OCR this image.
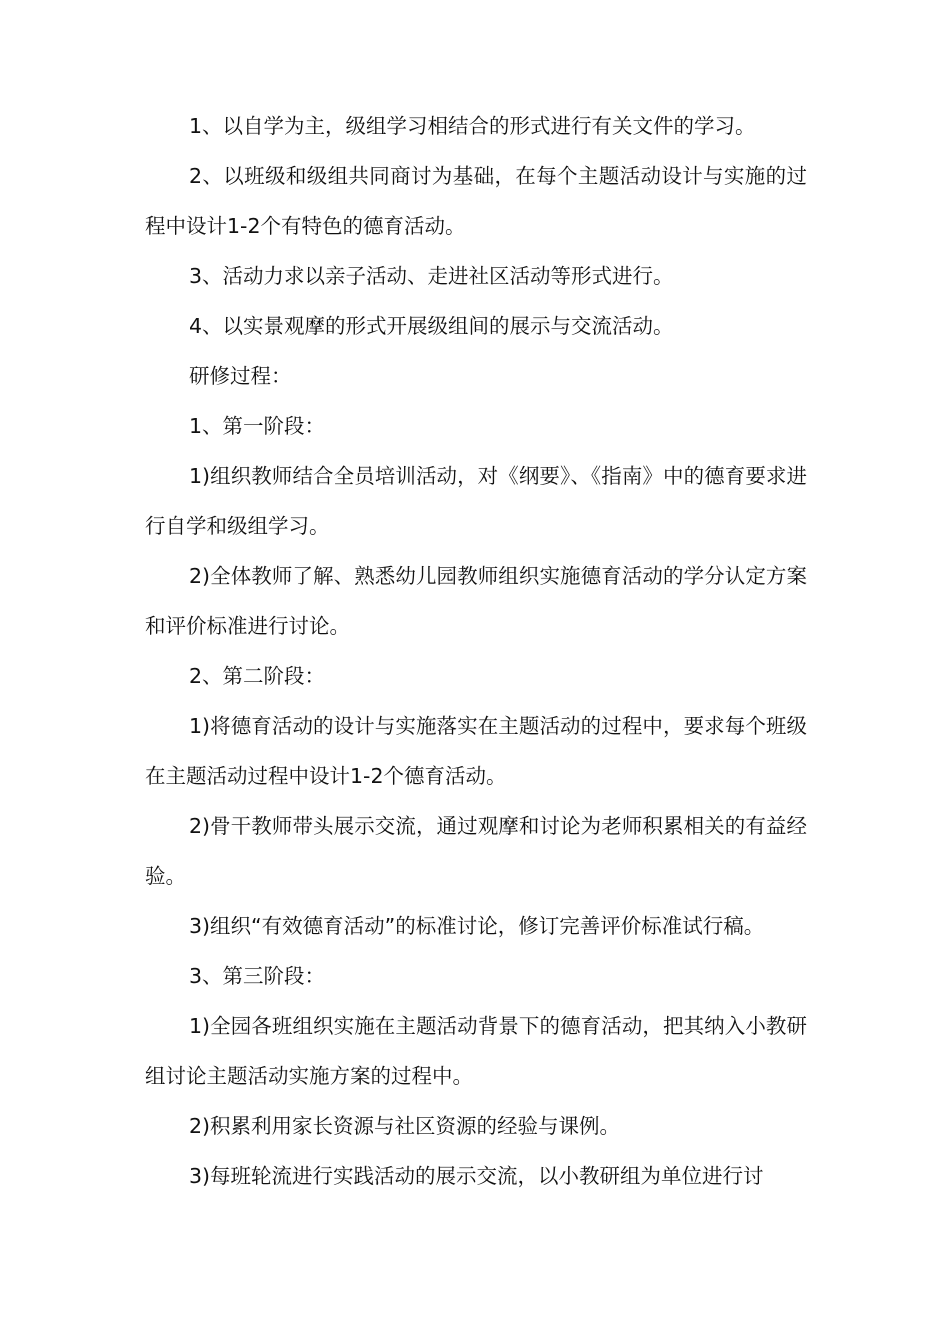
1、以自学为主，级组学习相结合的形式进行有关文件的学习。

2、以班级和级组共同商讨为基础，在每个主题活动设计与实施的过程中设计1-2个有特色的德育活动。

3、活动力求以亲子活动、走进社区活动等形式进行。

4、以实景观摩的形式开展级组间的展示与交流活动。

研修过程：

1、第一阶段：

1)组织教师结合全员培训活动，对《纲要》、《指南》中的德育要求进行自学和级组学习。

2)全体教师了解、熟悉幼儿园教师组织实施德育活动的学分认定方案和评价标准进行讨论。

2、第二阶段：

1)将德育活动的设计与实施落实在主题活动的过程中，要求每个班级在主题活动过程中设计1-2个德育活动。

2)骨干教师带头展示交流，通过观摩和讨论为老师积累相关的有益经验。

3)组织“有效德育活动”的标准讨论，修订完善评价标准试行稿。

3、第三阶段：

1)全园各班组织实施在主题活动背景下的德育活动，把其纳入小教研组讨论主题活动实施方案的过程中。

2)积累利用家长资源与社区资源的经验与课例。

3)每班轮流进行实践活动的展示交流，以小教研组为单位进行讨
